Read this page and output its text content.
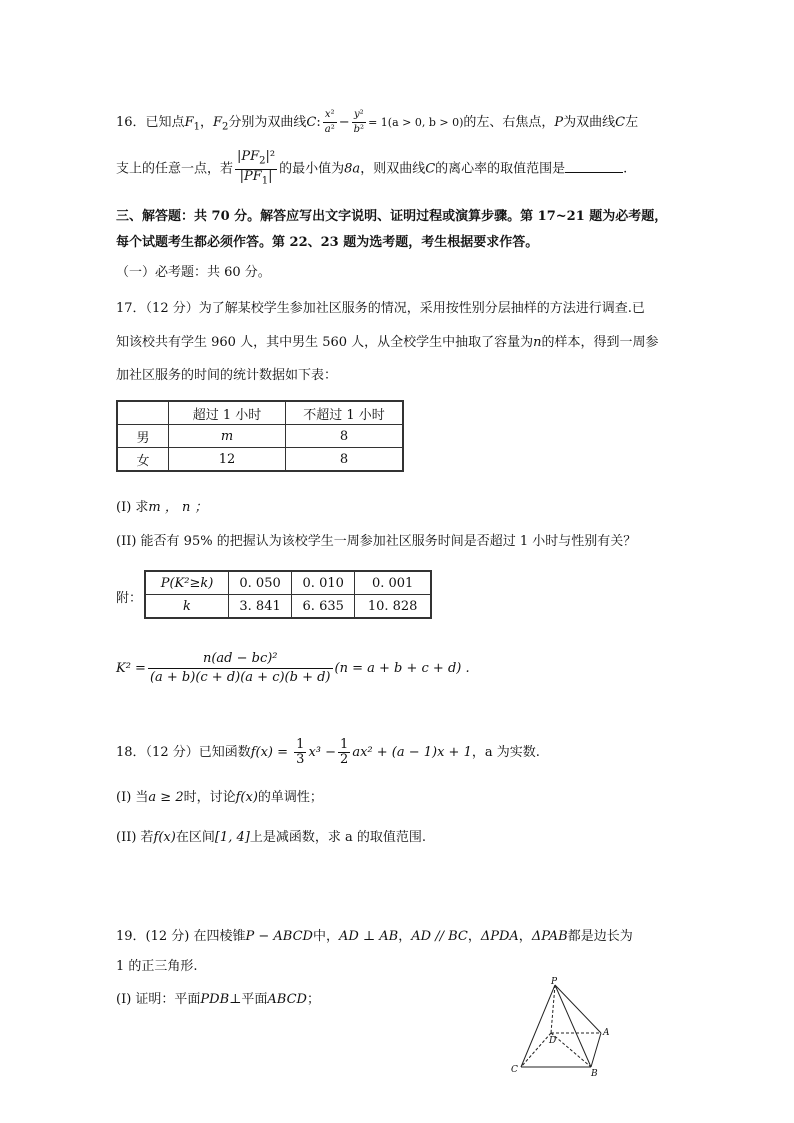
16．已知点$F_1$，$F_2$分别为双曲线C: $\frac{\text{x²}}{\text{a²}} - \frac{\text{y²}}{\text{b²}} = 1(a > 0$, b > 0)的左、右焦点，P为双曲线C左
支上的任意一点，若 $\frac{|PF_2|^2}{|PF_1|}$ 的最小值为8a，则双曲线C的离心率的取值范围是	.
三、解答题：共 70 分。解答应写出文字说明、证明过程或演算步骤。第 17~21 题为必考题，
每个试题考生都必须作答。第 22、23 题为选考题，考生根据要求作答。
（一）必考题：共 60 分。
17．（12 分）为了解某校学生参加社区服务的情况，采用按性别分层抽样的方法进行调查.已
知该校共有学生 960 人，其中男生 560 人，从全校学生中抽取了容量为n的样本，得到一周参
加社区服务的时间的统计数据如下表：
	超过 1 小时	不超过 1 小时
男	m	8
女	12	8
(I) 求m ， n ；
(II) 能否有 95% 的把握认为该校学生一周参加社区服务时间是否超过 1 小时与性别有关？
附：
P(K²≥k)	0. 050	0. 010	0. 001
k	3. 841	6. 635	10. 828
$K^2 = \frac{\text{n(ad − bc)²}}{(a + b)(c + d)(a + c)(b + d)} (n = a + b + c + d)$ .
18．（12 分）已知函数$f(x) = \frac{1}{3} x^3 - \frac{1}{2} ax^2 + (a - 1)x + 1$，a 为实数.
(I) 当a ≥ 2时，讨论f(x)的单调性；
(II) 若f(x)在区间[1, 4]上是减函数，求 a 的取值范围.
19．(12 分) 在四棱锥P − ABCD中，AD ⊥ AB，AD // BC，ΔPDA，ΔPAB都是边长为
1 的正三角形.
(I) 证明：平面PDB⊥平面ABCD；
P
A
D
C	B
